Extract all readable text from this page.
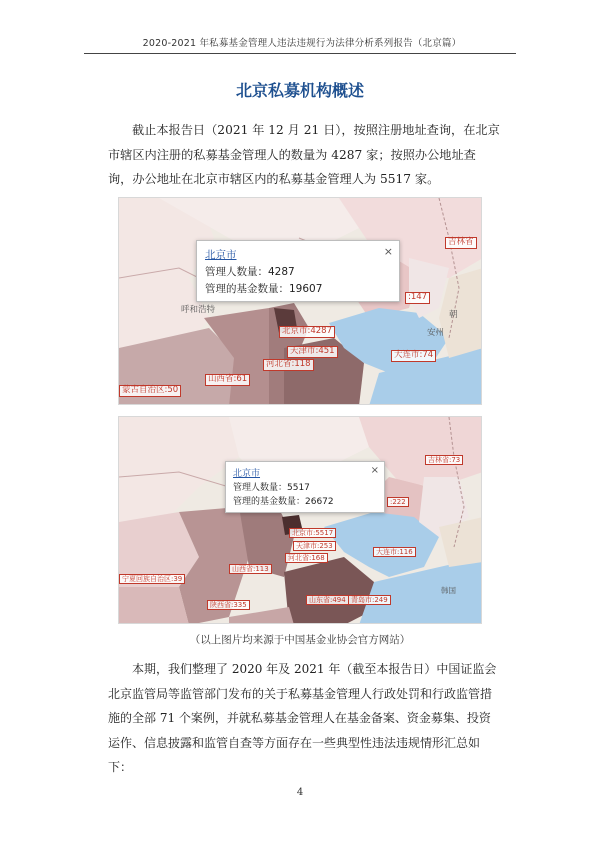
2020-2021 年私募基金管理人违法违规行为法律分析系列报告（北京篇）
北京私募机构概述

截止本报告日（2021 年 12 月 21 日），按照注册地址查询，在北京市辖区内注册的私募基金管理人的数量为 4287 家；按照办公地址查询，办公地址在北京市辖区内的私募基金管理人为 5517 家。

呼和浩特	朝
安州
吉林省
:147
北京市:4287
天津市:451
河北省:118
山西省:61
蒙古自治区:50
大连市:74
×
北京市
管理人数量：4287
管理的基金数量：19607
韩国
吉林省:73
:222
北京市:5517
天津市:253
河北省:168
山西省:113
宁夏回族自治区:39
陕西省:335
山东省:494 青岛市:249
大连市:116
×
北京市
管理人数量：5517
管理的基金数量：26672
（以上图片均来源于中国基金业协会官方网站）

本期，我们整理了 2020 年及 2021 年（截至本报告日）中国证监会北京监管局等监管部门发布的关于私募基金管理人行政处罚和行政监管措施的全部 71 个案例，并就私募基金管理人在基金备案、资金募集、投资运作、信息披露和监管自查等方面存在一些典型性违法违规情形汇总如下：

4
